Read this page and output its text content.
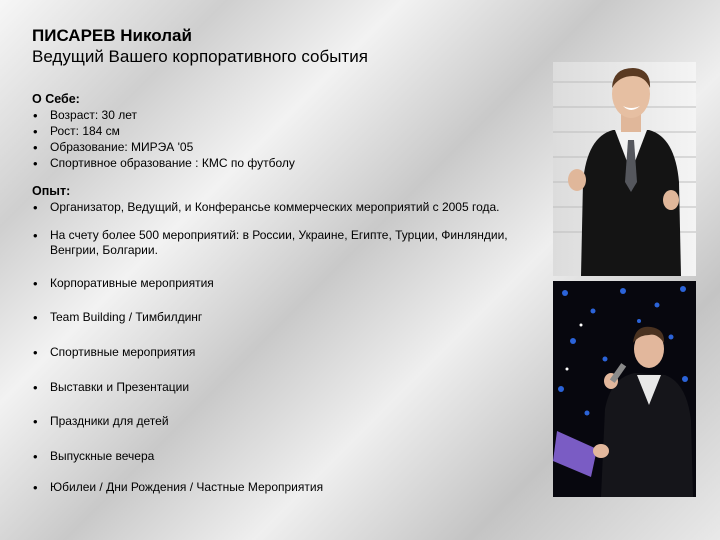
ПИСАРЕВ Николай
Ведущий Вашего корпоративного события
О Себе:
• Возраст: 30 лет
• Рост: 184 см
• Образование: МИРЭА '05
• Спортивное образование : КМС по футболу
Опыт:
• Организатор, Ведущий, и Конферансье коммерческих мероприятий с 2005 года.
• На счету более 500 мероприятий: в России, Украине, Египте, Турции, Финляндии, Венгрии, Болгарии.
• Корпоративные мероприятия
• Team Building / Тимбилдинг
• Спортивные мероприятия
• Выставки и Презентации
• Праздники для детей
• Выпускные вечера
• Юбилеи / Дни Рождения / Частные Мероприятия
